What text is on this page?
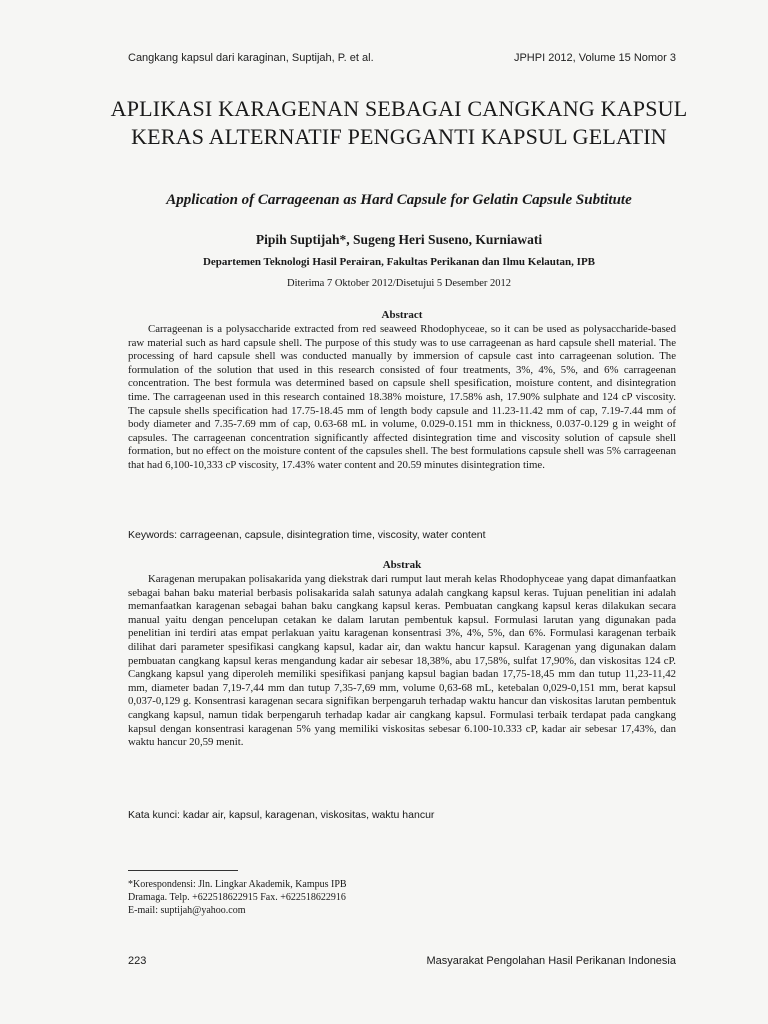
Cangkang kapsul dari karaginan, Suptijah, P. et al.	JPHPI 2012, Volume 15 Nomor 3
APLIKASI KARAGENAN SEBAGAI CANGKANG KAPSUL KERAS ALTERNATIF PENGGANTI KAPSUL GELATIN
Application of Carrageenan as Hard Capsule for Gelatin Capsule Subtitute
Pipih Suptijah*, Sugeng Heri Suseno, Kurniawati
Departemen Teknologi Hasil Perairan, Fakultas Perikanan dan Ilmu Kelautan, IPB
Diterima 7 Oktober 2012/Disetujui 5 Desember 2012
Abstract

Carrageenan is a polysaccharide extracted from red seaweed Rhodophyceae, so it can be used as polysaccharide-based raw material such as hard capsule shell. The purpose of this study was to use carrageenan as hard capsule shell material. The processing of hard capsule shell was conducted manually by immersion of capsule cast into carrageenan solution. The formulation of the solution that used in this research consisted of four treatments, 3%, 4%, 5%, and 6% carrageenan concentration. The best formula was determined based on capsule shell spesification, moisture content, and disintegration time. The carrageenan used in this research contained 18.38% moisture, 17.58% ash, 17.90% sulphate and 124 cP viscosity. The capsule shells specification had 17.75-18.45 mm of length body capsule and 11.23-11.42 mm of cap, 7.19-7.44 mm of body diameter and 7.35-7.69 mm of cap, 0.63-68 mL in volume, 0.029-0.151 mm in thickness, 0.037-0.129 g in weight of capsules. The carrageenan concentration significantly affected disintegration time and viscosity solution of capsule shell formation, but no effect on the moisture content of the capsules shell. The best formulations capsule shell was 5% carrageenan that had 6,100-10,333 cP viscosity, 17.43% water content and 20.59 minutes disintegration time.

Keywords: carrageenan, capsule, disintegration time, viscosity, water content
Abstrak

Karagenan merupakan polisakarida yang diekstrak dari rumput laut merah kelas Rhodophyceae yang dapat dimanfaatkan sebagai bahan baku material berbasis polisakarida salah satunya adalah cangkang kapsul keras. Tujuan penelitian ini adalah memanfaatkan karagenan sebagai bahan baku cangkang kapsul keras. Pembuatan cangkang kapsul keras dilakukan secara manual yaitu dengan pencelupan cetakan ke dalam larutan pembentuk kapsul. Formulasi larutan yang digunakan pada penelitian ini terdiri atas empat perlakuan yaitu karagenan konsentrasi 3%, 4%, 5%, dan 6%. Formulasi karagenan terbaik dilihat dari parameter spesifikasi cangkang kapsul, kadar air, dan waktu hancur kapsul. Karagenan yang digunakan dalam pembuatan cangkang kapsul keras mengandung kadar air sebesar 18,38%, abu 17,58%, sulfat 17,90%, dan viskositas 124 cP. Cangkang kapsul yang diperoleh memiliki spesifikasi panjang kapsul bagian badan 17,75-18,45 mm dan tutup 11,23-11,42 mm, diameter badan 7,19-7,44 mm dan tutup 7,35-7,69 mm, volume 0,63-68 mL, ketebalan 0,029-0,151 mm, berat kapsul 0,037-0,129 g. Konsentrasi karagenan secara signifikan berpengaruh terhadap waktu hancur dan viskositas larutan pembentuk cangkang kapsul, namun tidak berpengaruh terhadap kadar air cangkang kapsul. Formulasi terbaik terdapat pada cangkang kapsul dengan konsentrasi karagenan 5% yang memiliki viskositas sebesar 6.100-10.333 cP, kadar air sebesar 17,43%, dan waktu hancur 20,59 menit.

Kata kunci: kadar air, kapsul, karagenan, viskositas, waktu hancur
*Korespondensi: Jln. Lingkar Akademik, Kampus IPB
Dramaga. Telp. +622518622915 Fax. +622518622916
E-mail: suptijah@yahoo.com
223	Masyarakat Pengolahan Hasil Perikanan Indonesia
